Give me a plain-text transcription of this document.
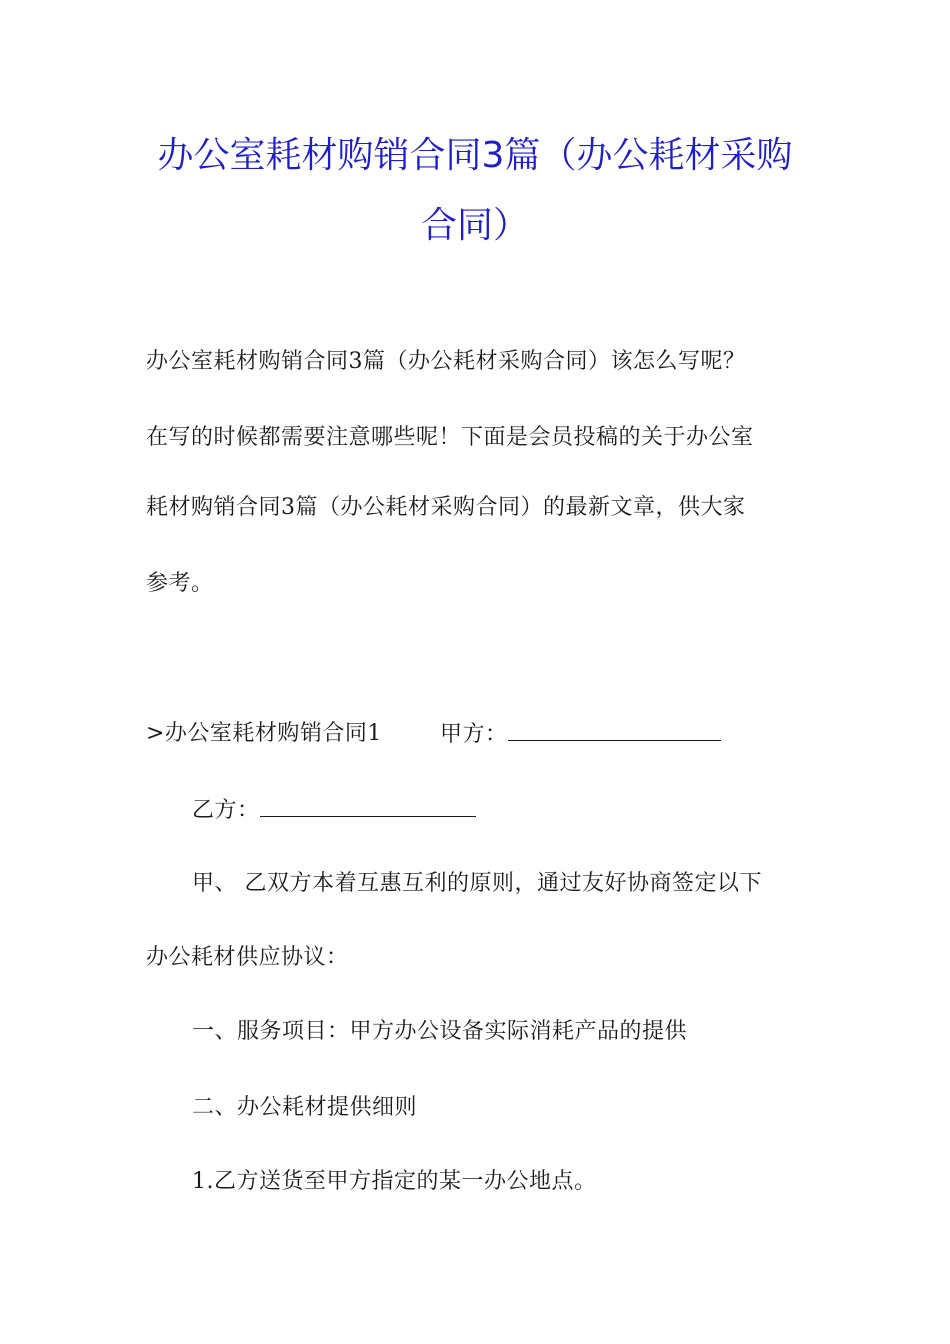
办公室耗材购销合同3篇（办公耗材采购
合同）
办公室耗材购销合同3篇（办公耗材采购合同）该怎么写呢？
在写的时候都需要注意哪些呢！下面是会员投稿的关于办公室
耗材购销合同3篇（办公耗材采购合同）的最新文章，供大家
参考。
>办公室耗材购销合同1	甲方：
乙方：
甲、 乙双方本着互惠互利的原则，通过友好协商签定以下
办公耗材供应协议：
一、服务项目：甲方办公设备实际消耗产品的提供
二、办公耗材提供细则
1.乙方送货至甲方指定的某一办公地点。
